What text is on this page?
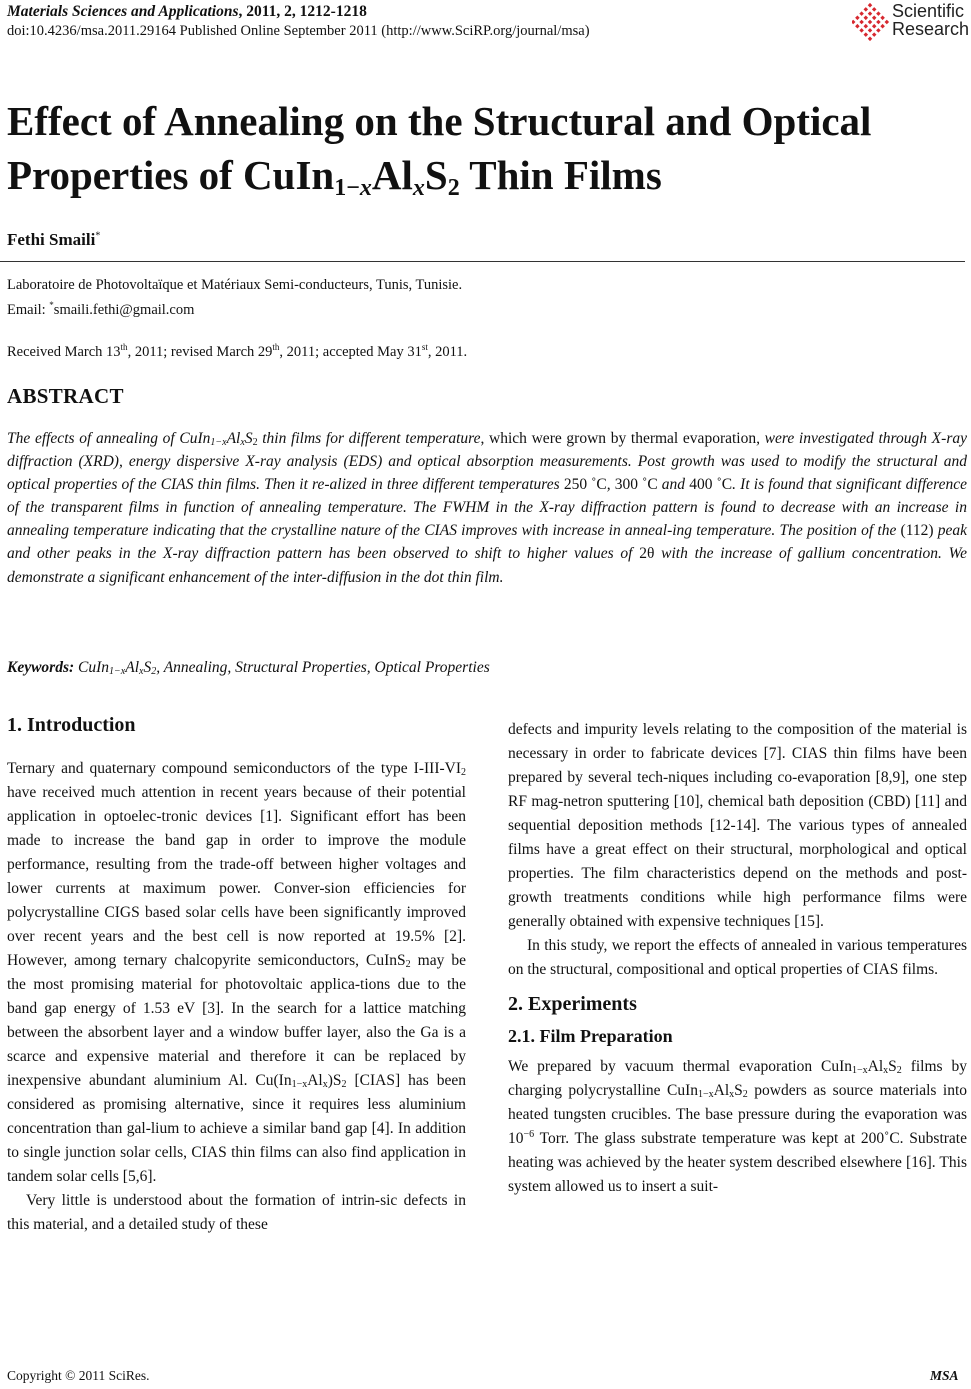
Materials Sciences and Applications, 2011, 2, 1212-1218
doi:10.4236/msa.2011.29164 Published Online September 2011 (http://www.SciRP.org/journal/msa)
Scientific
Research
Effect of Annealing on the Structural and Optical
Properties of $CuIn_{1-x}Al_xS_2$ Thin Films
Fethi Smaili*
Laboratoire de Photovoltaïque et Matériaux Semi-conducteurs, Tunis, Tunisie.
Email: *smaili.fethi@gmail.com
Received March 13th, 2011; revised March 29th, 2011; accepted May 31st, 2011.
ABSTRACT
The effects of annealing of $CuIn_{1-x}Al_xS_2$ thin films for different temperature, which were grown by thermal evaporation, were investigated through X-ray diffraction (XRD), energy dispersive X-ray analysis (EDS) and optical absorption measurements. Post growth was used to modify the structural and optical properties of the CIAS thin films. Then it re-alized in three different temperatures 250 ˚C, 300 ˚C and 400 ˚C. It is found that significant difference of the transparent films in function of annealing temperature. The FWHM in the X-ray diffraction pattern is found to decrease with an increase in annealing temperature indicating that the crystalline nature of the CIAS improves with increase in anneal-ing temperature. The position of the (112) peak and other peaks in the X-ray diffraction pattern has been observed to shift to higher values of 2θ with the increase of gallium concentration. We demonstrate a significant enhancement of the inter-diffusion in the dot thin film.
Keywords: $CuIn_{1-x}Al_xS_2$, Annealing, Structural Properties, Optical Properties
1. Introduction

Ternary and quaternary compound semiconductors of the type $I-III-VI_2$ have received much attention in recent years because of their potential application in optoelec-tronic devices [1]. Significant effort has been made to increase the band gap in order to improve the module performance, resulting from the trade-off between higher voltages and lower currents at maximum power. Conver-sion efficiencies for polycrystalline CIGS based solar cells have been significantly improved over recent years and the best cell is now reported at 19.5% [2]. However, among ternary chalcopyrite semiconductors, CuInS$_2$ may be the most promising material for photovoltaic applica-tions due to the band gap energy of 1.53 eV [3]. In the search for a lattice matching between the absorbent layer and a window buffer layer, also the Ga is a scarce and expensive material and therefore it can be replaced by inexpensive abundant aluminium Al. $Cu(In_{1-x}Al_x)S_2$ [CIAS] has been considered as promising alternative, since it requires less aluminium concentration than gal-lium to achieve a similar band gap [4]. In addition to single junction solar cells, CIAS thin films can also find application in tandem solar cells [5,6].

Very little is understood about the formation of intrin-sic defects in this material, and a detailed study of these

defects and impurity levels relating to the composition of the material is necessary in order to fabricate devices [7]. CIAS thin films have been prepared by several tech-niques including co-evaporation [8,9], one step RF mag-netron sputtering [10], chemical bath deposition (CBD) [11] and sequential deposition methods [12-14]. The various types of annealed films have a great effect on their structural, morphological and optical properties. The film characteristics depend on the methods and post-growth treatments conditions while high performance films were generally obtained with expensive techniques [15].

In this study, we report the effects of annealed in various temperatures on the structural, compositional and optical properties of CIAS films.

2. Experiments
2.1. Film Preparation

We prepared by vacuum thermal evaporation $CuIn_{1-x}Al_xS_2$ films by charging polycrystalline $CuIn_{1-x}Al_xS_2$ powders as source materials into heated tungsten crucibles. The base pressure during the evaporation was $10^{-6}$ Torr. The glass substrate temperature was kept at 200˚C. Substrate heating was achieved by the heater system described elsewhere [16]. This system allowed us to insert a suit-

Copyright © 2011 SciRes.	MSA
